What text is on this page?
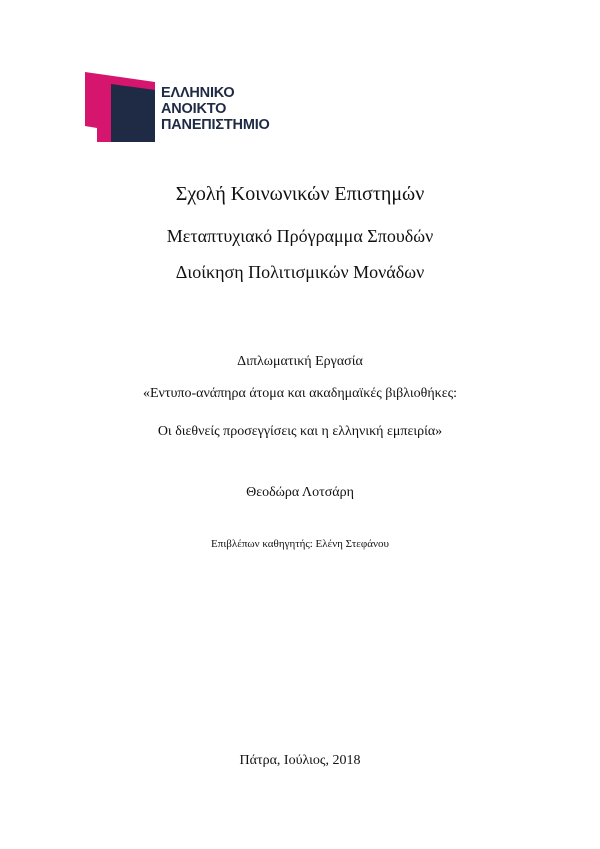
ΕΛΛΗΝΙΚΟ
ΑΝΟΙΚΤΟ
ΠΑΝΕΠΙΣΤΗΜΙΟ
Σχολή Κοινωνικών Επιστημών
Μεταπτυχιακό Πρόγραμμα Σπουδών
Διοίκηση Πολιτισμικών Μονάδων
Διπλωματική Εργασία
«Εντυπο-ανάπηρα άτομα και ακαδημαϊκές βιβλιοθήκες:
Οι διεθνείς προσεγγίσεις και η ελληνική εμπειρία»
Θεοδώρα Λοτσάρη
Επιβλέπων καθηγητής: Ελένη Στεφάνου
Πάτρα, Ιούλιος, 2018
